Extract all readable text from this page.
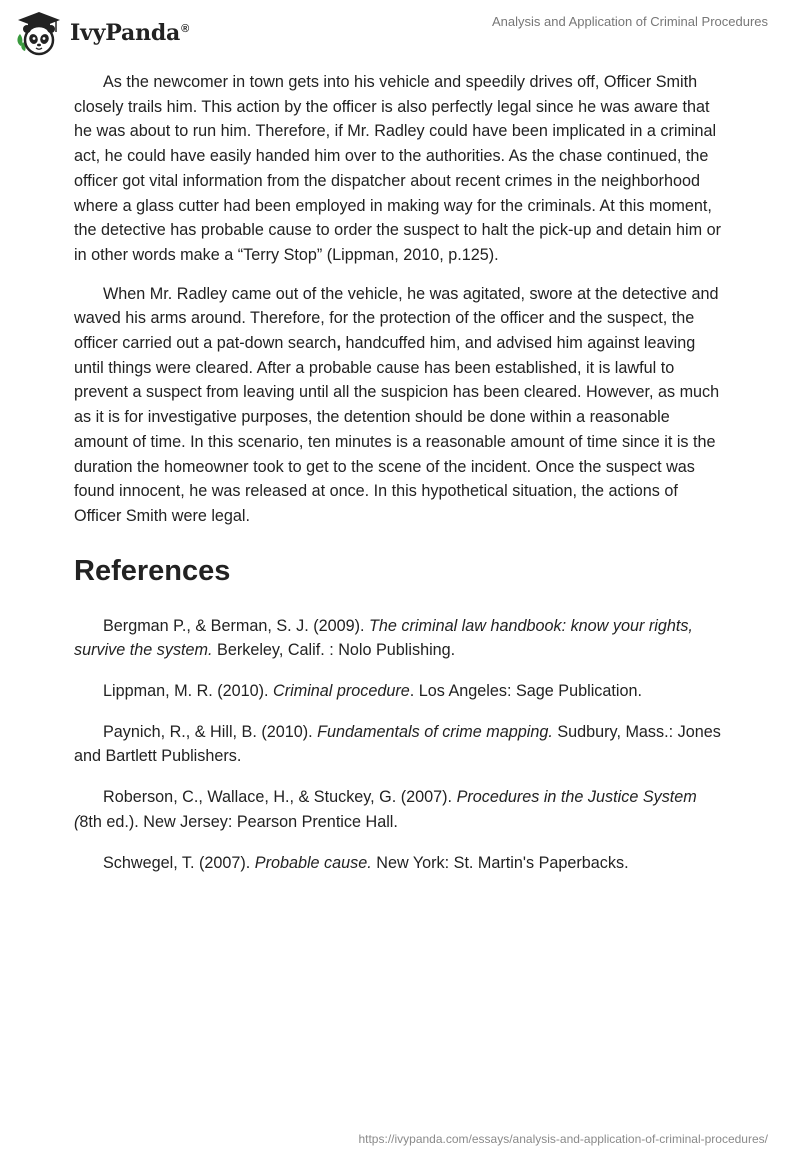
IvyPanda®	Analysis and Application of Criminal Procedures

As the newcomer in town gets into his vehicle and speedily drives off, Officer Smith closely trails him. This action by the officer is also perfectly legal since he was aware that he was about to run him. Therefore, if Mr. Radley could have been implicated in a criminal act, he could have easily handed him over to the authorities. As the chase continued, the officer got vital information from the dispatcher about recent crimes in the neighborhood where a glass cutter had been employed in making way for the criminals. At this moment, the detective has probable cause to order the suspect to halt the pick-up and detain him or in other words make a “Terry Stop” (Lippman, 2010, p.125).

When Mr. Radley came out of the vehicle, he was agitated, swore at the detective and waved his arms around. Therefore, for the protection of the officer and the suspect, the officer carried out a pat-down search, handcuffed him, and advised him against leaving until things were cleared. After a probable cause has been established, it is lawful to prevent a suspect from leaving until all the suspicion has been cleared. However, as much as it is for investigative purposes, the detention should be done within a reasonable amount of time. In this scenario, ten minutes is a reasonable amount of time since it is the duration the homeowner took to get to the scene of the incident. Once the suspect was found innocent, he was released at once. In this hypothetical situation, the actions of Officer Smith were legal.

References

Bergman P., & Berman, S. J. (2009). The criminal law handbook: know your rights, survive the system. Berkeley, Calif. : Nolo Publishing.

Lippman, M. R. (2010). Criminal procedure. Los Angeles: Sage Publication.

Paynich, R., & Hill, B. (2010). Fundamentals of crime mapping. Sudbury, Mass.: Jones and Bartlett Publishers.

Roberson, C., Wallace, H., & Stuckey, G. (2007). Procedures in the Justice System (8th ed.). New Jersey: Pearson Prentice Hall.

Schwegel, T. (2007). Probable cause. New York: St. Martin's Paperbacks.

https://ivypanda.com/essays/analysis-and-application-of-criminal-procedures/
